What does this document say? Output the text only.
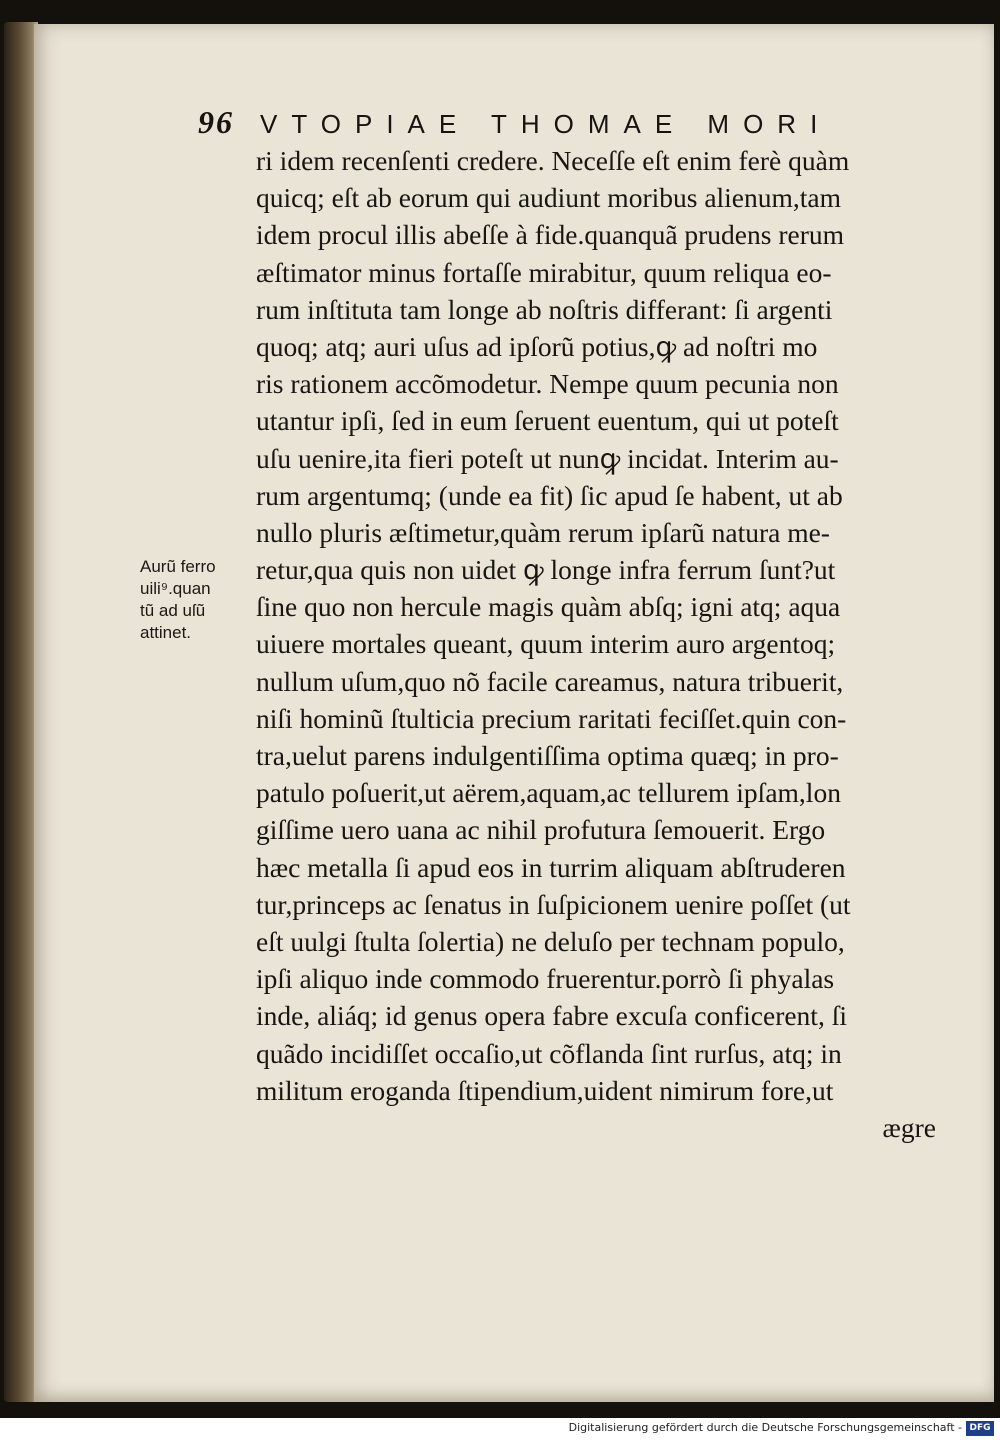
96	VTOPIAE THOMAE MORI
Aurũ ferro
uili⁹.quan
tũ ad uſũ
attinet.
ri idem recenſenti credere. Neceſſe eſt enim ferè quàm
quicq; eſt ab eorum qui audiunt moribus alienum,tam
idem procul illis abeſſe à fide.quanquã prudens rerum
æſtimator minus fortaſſe mirabitur, quum reliqua eo-
rum inſtituta tam longe ab noſtris differant: ſi argenti
quoq; atq; auri uſus ad ipſorũ potius,ꝙ ad noſtri mo
ris rationem accõmodetur. Nempe quum pecunia non
utantur ipſi, ſed in eum ſeruent euentum, qui ut poteſt
uſu uenire,ita fieri poteſt ut nunꝙ incidat. Interim au-
rum argentumq; (unde ea fit) ſic apud ſe habent, ut ab
nullo pluris æſtimetur,quàm rerum ipſarũ natura me-
retur,qua quis non uidet ꝙ longe infra ferrum ſunt?ut
ſine quo non hercule magis quàm abſq; igni atq; aqua
uiuere mortales queant, quum interim auro argentoq;
nullum uſum,quo nõ facile careamus, natura tribuerit,
niſi hominũ ſtulticia precium raritati feciſſet.quin con-
tra,uelut parens indulgentiſſima optima quæq; in pro-
patulo poſuerit,ut aërem,aquam,ac tellurem ipſam,lon
giſſime uero uana ac nihil profutura ſemouerit. Ergo
hæc metalla ſi apud eos in turrim aliquam abſtruderen
tur,princeps ac ſenatus in ſuſpicionem uenire poſſet (ut
eſt uulgi ſtulta ſolertia) ne deluſo per technam populo,
ipſi aliquo inde commodo fruerentur.porrò ſi phyalas
inde, aliáq; id genus opera fabre excuſa conficerent, ſi
quãdo incidiſſet occaſio,ut cõflanda ſint rurſus, atq; in
militum eroganda ſtipendium,uident nimirum fore,ut
ægre
Digitalisierung gefördert durch die Deutsche Forschungsgemeinschaft - DFG
